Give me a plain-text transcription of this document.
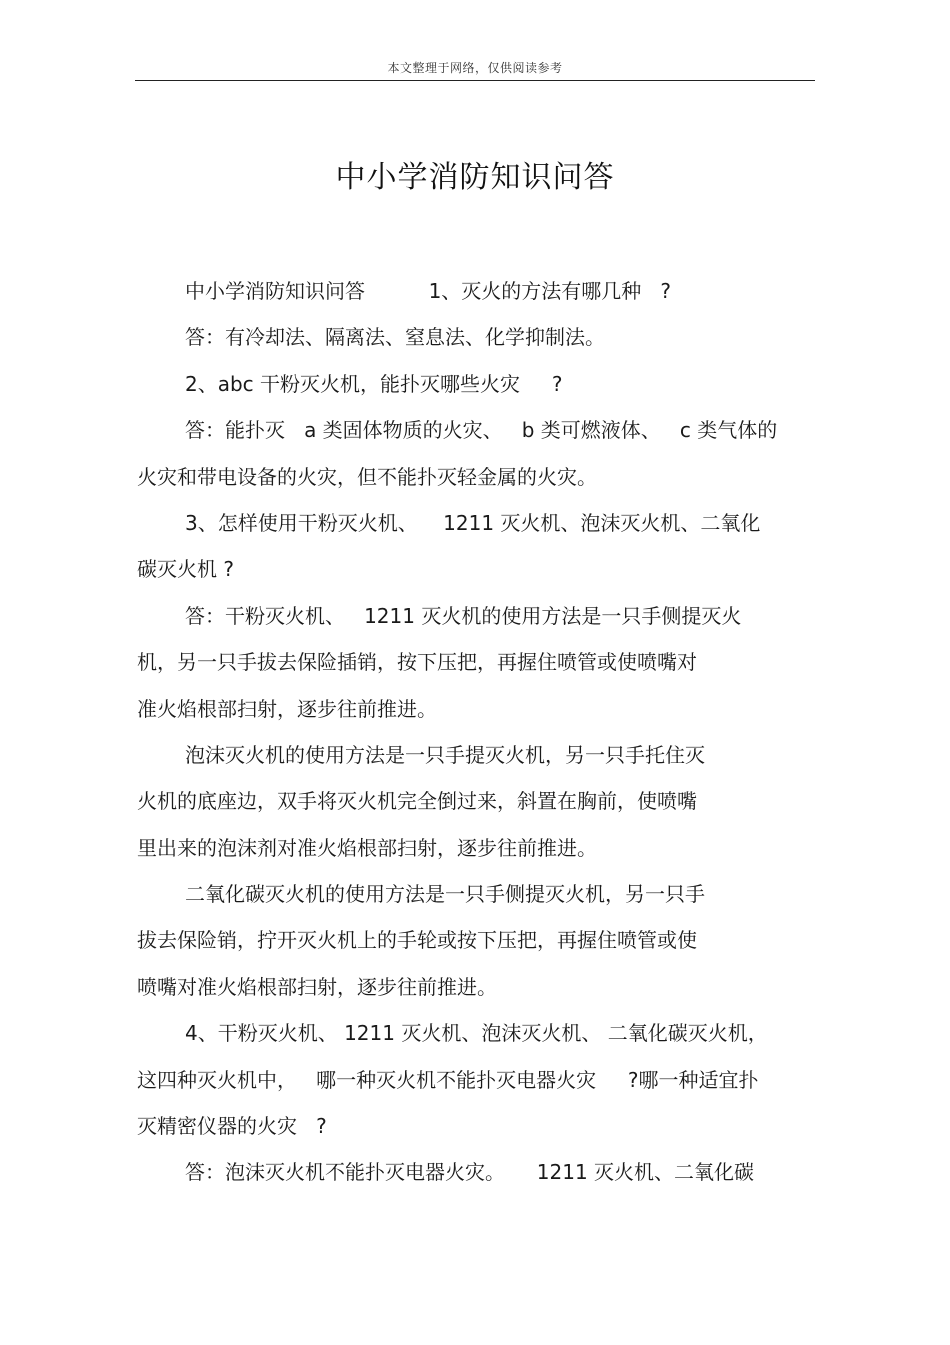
本文整理于网络，仅供阅读参考
中小学消防知识问答
中小学消防知识问答          1、灭火的方法有哪几种   ?
答：有冷却法、隔离法、窒息法、化学抑制法。
2、abc 干粉灭火机，能扑灭哪些火灾     ?
答：能扑灭   a 类固体物质的火灾、   b 类可燃液体、   c 类气体的
火灾和带电设备的火灾，但不能扑灭轻金属的火灾。
3、怎样使用干粉灭火机、    1211 灭火机、泡沫灭火机、二氧化
碳灭火机 ?
答：干粉灭火机、   1211 灭火机的使用方法是一只手侧提灭火
机，另一只手拔去保险插销，按下压把，再握住喷管或使喷嘴对
准火焰根部扫射，逐步往前推进。
泡沫灭火机的使用方法是一只手提灭火机，另一只手托住灭
火机的底座边，双手将灭火机完全倒过来，斜置在胸前，使喷嘴
里出来的泡沫剂对准火焰根部扫射，逐步往前推进。
二氧化碳灭火机的使用方法是一只手侧提灭火机，另一只手
拔去保险销，拧开灭火机上的手轮或按下压把，再握住喷管或使
喷嘴对准火焰根部扫射，逐步往前推进。
4、干粉灭火机、 1211 灭火机、泡沫灭火机、 二氧化碳灭火机，
这四种灭火机中，   哪一种灭火机不能扑灭电器火灾     ?哪一种适宜扑
灭精密仪器的火灾   ?
答：泡沫灭火机不能扑灭电器火灾。     1211 灭火机、二氧化碳
